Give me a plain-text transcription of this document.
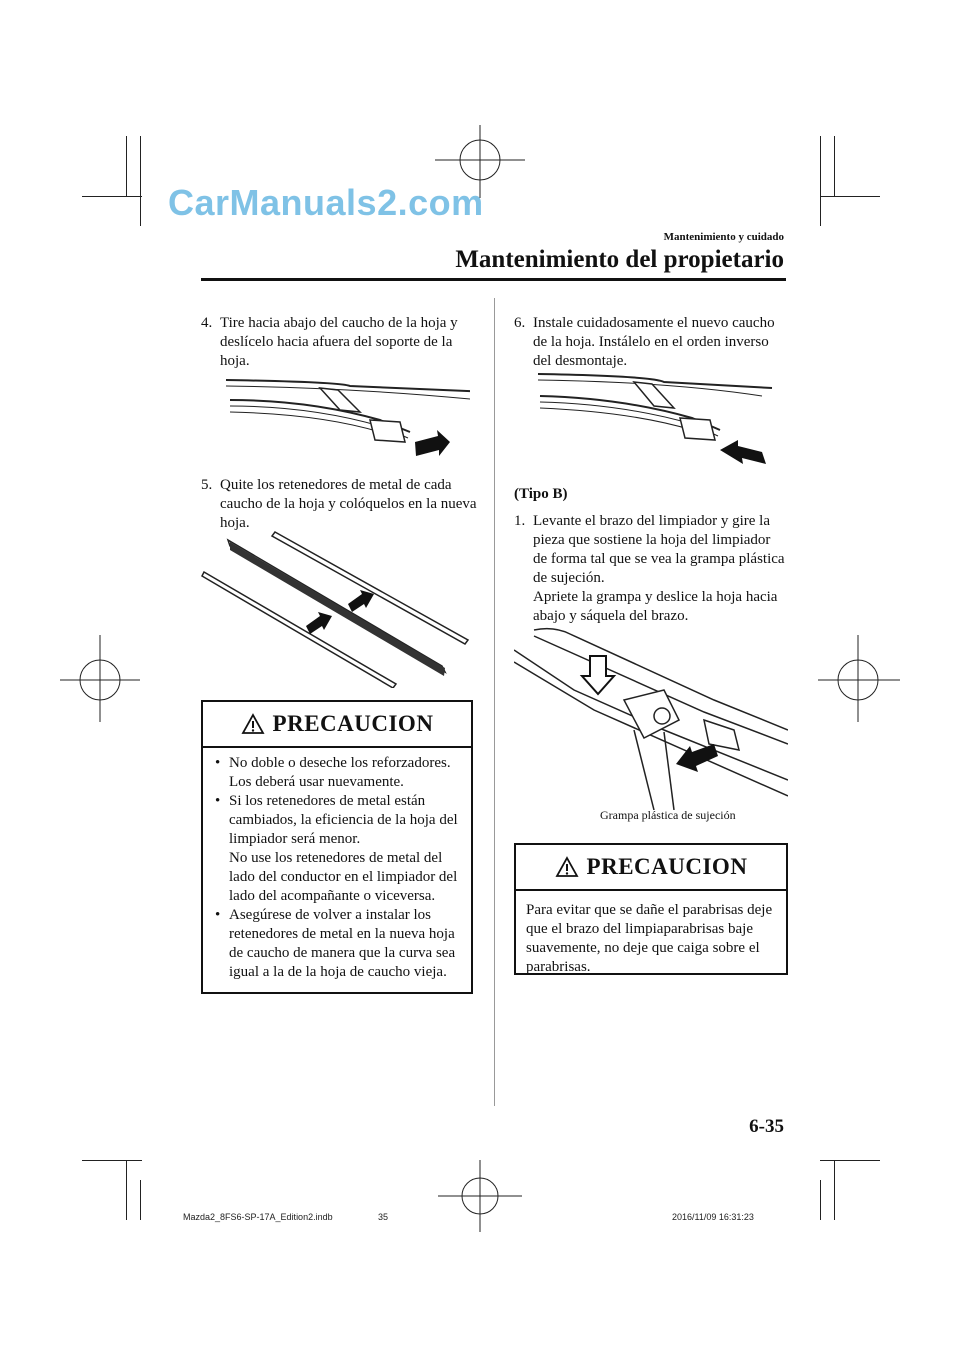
CarManuals2.com
Mantenimiento y cuidado
Mantenimiento del propietario
4. Tire hacia abajo del caucho de la hoja y deslícelo hacia afuera del soporte de la hoja.
5. Quite los retenedores de metal de cada caucho de la hoja y colóquelos en la nueva hoja.
PRECAUCION
• No doble o deseche los reforzadores. Los deberá usar nuevamente.
• Si los retenedores de metal están cambiados, la eficiencia de la hoja del limpiador será menor.
No use los retenedores de metal del lado del conductor en el limpiador del lado del acompañante o viceversa.
• Asegúrese de volver a instalar los retenedores de metal en la nueva hoja de caucho de manera que la curva sea igual a la de la hoja de caucho vieja.
6. Instale cuidadosamente el nuevo caucho de la hoja. Instálelo en el orden inverso del desmontaje.
(Tipo B)
1. Levante el brazo del limpiador y gire la pieza que sostiene la hoja del limpiador de forma tal que se vea la grampa plástica de sujeción.
Apriete la grampa y deslice la hoja hacia abajo y sáquela del brazo.
Grampa plástica de sujeción
PRECAUCION
Para evitar que se dañe el parabrisas deje que el brazo del limpiaparabrisas baje suavemente, no deje que caiga sobre el parabrisas.
6-35
Mazda2_8FS6-SP-17A_Edition2.indb	35	2016/11/09 16:31:23
